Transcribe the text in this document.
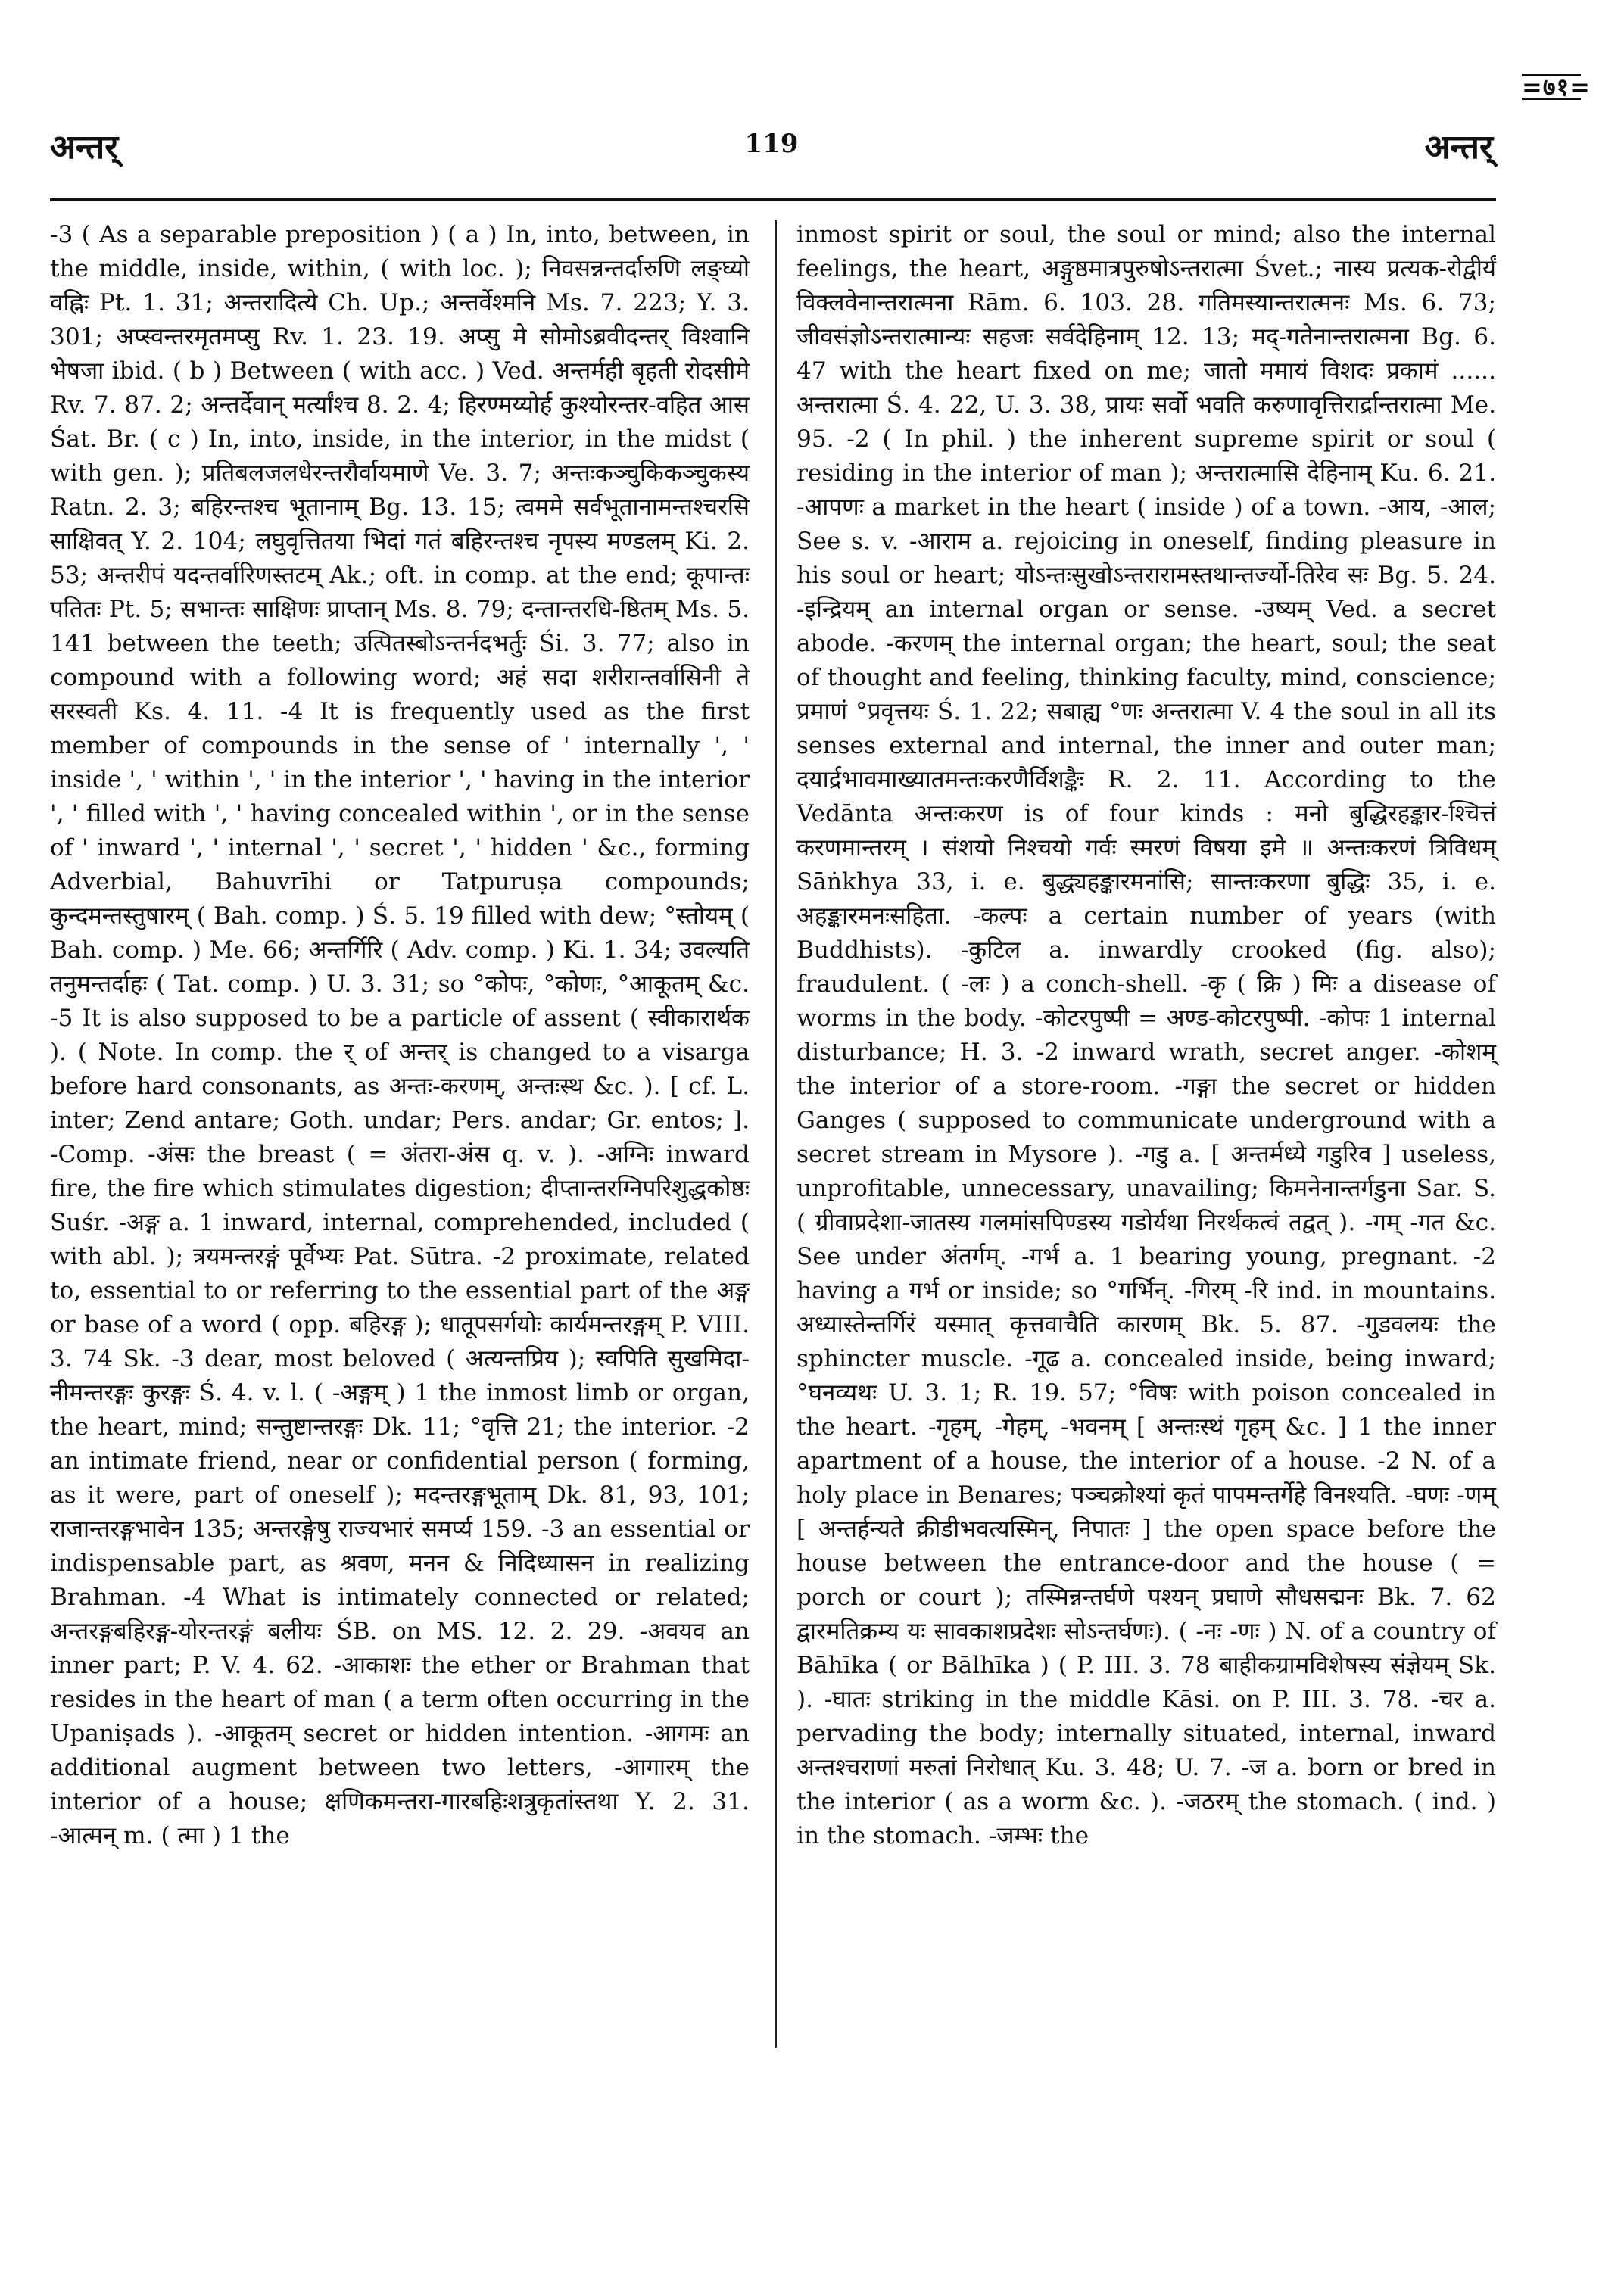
=७१=
अन्तर्	119	अन्तर्

-3 ( As a separable preposition ) ( a ) In, into, between, in the middle, inside, within, ( with loc. ); निवसन्नन्तर्दारुणि लङ्घ्यो वह्निः Pt. 1. 31; अन्तरादित्ये Ch. Up.; अन्तर्वेश्मनि Ms. 7. 223; Y. 3. 301; अप्स्वन्तरमृतमप्सु Rv. 1. 23. 19. अप्सु मे सोमोऽब्रवीदन्तर् विश्वानि भेषजा ibid. ( b ) Between ( with acc. ) Ved. अन्तर्मही बृहती रोदसीमे Rv. 7. 87. 2; अन्तर्देवान् मर्त्यांश्च 8. 2. 4; हिरण्मय्योर्ह कुश्योरन्तर-वहित आस Śat. Br. ( c ) In, into, inside, in the interior, in the midst ( with gen. ); प्रतिबलजलधेरन्तरौर्वायमाणे Ve. 3. 7; अन्तःकञ्चुकिकञ्चुकस्य Ratn. 2. 3; बहिरन्तश्च भूतानाम् Bg. 13. 15; त्वममे सर्वभूतानामन्तश्चरसि साक्षिवत् Y. 2. 104; लघुवृत्तितया भिदां गतं बहिरन्तश्च नृपस्य मण्डलम् Ki. 2. 53; अन्तरीपं यदन्तर्वारिणस्तटम् Ak.; oft. in comp. at the end; कूपान्तः पतितः Pt. 5; सभान्तः साक्षिणः प्राप्तान् Ms. 8. 79; दन्तान्तरधि-ष्ठितम् Ms. 5. 141 between the teeth; उत्पितस्बोऽन्तर्नदभर्तुः Śi. 3. 77; also in compound with a following word; अहं सदा शरीरान्तर्वासिनी ते सरस्वती Ks. 4. 11. -4 It is frequently used as the first member of compounds in the sense of ' internally ', ' inside ', ' within ', ' in the interior ', ' having in the interior ', ' filled with ', ' having concealed within ', or in the sense of ' inward ', ' internal ', ' secret ', ' hidden ' &c., forming Adverbial, Bahuvrīhi or Tatpuruṣa compounds; कुन्दमन्तस्तुषारम् ( Bah. comp. ) Ś. 5. 19 filled with dew; °स्तोयम् ( Bah. comp. ) Me. 66; अन्तर्गिरि ( Adv. comp. ) Ki. 1. 34; उवल्यति तनुमन्तर्दाहः ( Tat. comp. ) U. 3. 31; so °कोपः, °कोणः, °आकूतम् &c. -5 It is also supposed to be a particle of assent ( स्वीकारार्थक ). ( Note. In comp. the र् of अन्तर् is changed to a visarga before hard consonants, as अन्तः-करणम्, अन्तःस्थ &c. ). [ cf. L. inter; Zend antare; Goth. undar; Pers. andar; Gr. entos; ]. -Comp. -अंसः the breast ( = अंतरा-अंस q. v. ). -अग्निः inward fire, the fire which stimulates digestion; दीप्तान्तरग्निपरिशुद्धकोष्ठः Suśr. -अङ्ग a. 1 inward, internal, comprehended, included ( with abl. ); त्रयमन्तरङ्गं पूर्वेभ्यः Pat. Sūtra. -2 proximate, related to, essential to or referring to the essential part of the अङ्ग or base of a word ( opp. बहिरङ्ग ); धातूपसर्गयोः कार्यमन्तरङ्गम् P. VIII. 3. 74 Sk. -3 dear, most beloved ( अत्यन्तप्रिय ); स्वपिति सुखमिदा-नीमन्तरङ्गः कुरङ्गः Ś. 4. v. l. ( -अङ्गम् ) 1 the inmost limb or organ, the heart, mind; सन्तुष्टान्तरङ्गः Dk. 11; °वृत्ति 21; the interior. -2 an intimate friend, near or confidential person ( forming, as it were, part of oneself ); मदन्तरङ्गभूताम् Dk. 81, 93, 101; राजान्तरङ्गभावेन 135; अन्तरङ्गेषु राज्यभारं समर्प्य 159. -3 an essential or indispensable part, as श्रवण, मनन & निदिध्यासन in realizing Brahman. -4 What is intimately connected or related; अन्तरङ्गबहिरङ्ग-योरन्तरङ्गं बलीयः ŚB. on MS. 12. 2. 29. -अवयव an inner part; P. V. 4. 62. -आकाशः the ether or Brahman that resides in the heart of man ( a term often occurring in the Upaniṣads ). -आकूतम् secret or hidden intention. -आगमः an additional augment between two letters, -आगारम् the interior of a house; क्षणिकमन्तरा-गारबहिःशत्रुकृतांस्तथा Y. 2. 31. -आत्मन् m. ( त्मा ) 1 the

inmost spirit or soul, the soul or mind; also the internal feelings, the heart, अङ्गुष्ठमात्रपुरुषोऽन्तरात्मा Śvet.; नास्य प्रत्यक-रोद्वीर्यं विक्लवेनान्तरात्मना Rām. 6. 103. 28. गतिमस्यान्तरात्मनः Ms. 6. 73; जीवसंज्ञोऽन्तरात्मान्यः सहजः सर्वदेहिनाम् 12. 13; मद्-गतेनान्तरात्मना Bg. 6. 47 with the heart fixed on me; जातो ममायं विशदः प्रकामं ...... अन्तरात्मा Ś. 4. 22, U. 3. 38, प्रायः सर्वो भवति करुणावृत्तिरार्द्रान्तरात्मा Me. 95. -2 ( In phil. ) the inherent supreme spirit or soul ( residing in the interior of man ); अन्तरात्मासि देहिनाम् Ku. 6. 21. -आपणः a market in the heart ( inside ) of a town. -आय, -आल; See s. v. -आराम a. rejoicing in oneself, finding pleasure in his soul or heart; योऽन्तःसुखोऽन्तरारामस्तथान्तर्ज्यो-तिरेव सः Bg. 5. 24. -इन्द्रियम् an internal organ or sense. -उष्यम् Ved. a secret abode. -करणम् the internal organ; the heart, soul; the seat of thought and feeling, thinking faculty, mind, conscience; प्रमाणं °प्रवृत्तयः Ś. 1. 22; सबाह्य °णः अन्तरात्मा V. 4 the soul in all its senses external and internal, the inner and outer man; दयार्द्रभावमाख्यातमन्तःकरणैर्विशङ्कैः R. 2. 11. According to the Vedānta अन्तःकरण is of four kinds : मनो बुद्धिरहङ्कार-श्चित्तं करणमान्तरम् । संशयो निश्चयो गर्वः स्मरणं विषया इमे ॥ अन्तःकरणं त्रिविधम् Sāṅkhya 33, i. e. बुद्ध्यहङ्कारमनांसि; सान्तःकरणा बुद्धिः 35, i. e. अहङ्कारमनःसहिता. -कल्पः a certain number of years (with Buddhists). -कुटिल a. inwardly crooked (fig. also); fraudulent. ( -लः ) a conch-shell. -कृ ( क्रि ) मिः a disease of worms in the body. -कोटरपुष्पी = अण्ड-कोटरपुष्पी. -कोपः 1 internal disturbance; H. 3. -2 inward wrath, secret anger. -कोशम् the interior of a store-room. -गङ्गा the secret or hidden Ganges ( supposed to communicate underground with a secret stream in Mysore ). -गडु a. [ अन्तर्मध्ये गडुरिव ] useless, unprofitable, unnecessary, unavailing; किमनेनान्तर्गडुना Sar. S. ( ग्रीवाप्रदेशा-जातस्य गलमांसपिण्डस्य गडोर्यथा निरर्थकत्वं तद्वत् ). -गम् -गत &c. See under अंतर्गम्. -गर्भ a. 1 bearing young, pregnant. -2 having a गर्भ or inside; so °गर्भिन्. -गिरम् -रि ind. in mountains. अध्यास्तेन्तर्गिरं यस्मात् कृत्तवाचैति कारणम् Bk. 5. 87. -गुडवलयः the sphincter muscle. -गूढ a. concealed inside, being inward; °घनव्यथः U. 3. 1; R. 19. 57; °विषः with poison concealed in the heart. -गृहम्, -गेहम्, -भवनम् [ अन्तःस्थं गृहम् &c. ] 1 the inner apartment of a house, the interior of a house. -2 N. of a holy place in Benares; पञ्चक्रोश्यां कृतं पापमन्तर्गेहे विनश्यति. -घणः -णम् [ अन्तर्हन्यते क्रीडीभवत्यस्मिन्, निपातः ] the open space before the house between the entrance-door and the house ( = porch or court ); तस्मिन्नन्तर्घणे पश्यन् प्रघाणे सौधसद्मनः Bk. 7. 62 द्वारमतिक्रम्य यः सावकाशप्रदेशः सोऽन्तर्घणः). ( -नः -णः ) N. of a country of Bāhīka ( or Bālhīka ) ( P. III. 3. 78 बाहीकग्रामविशेषस्य संज्ञेयम् Sk. ). -घातः striking in the middle Kāsi. on P. III. 3. 78. -चर a. pervading the body; internally situated, internal, inward अन्तश्चराणां मरुतां निरोधात् Ku. 3. 48; U. 7. -ज a. born or bred in the interior ( as a worm &c. ). -जठरम् the stomach. ( ind. ) in the stomach. -जम्भः the
